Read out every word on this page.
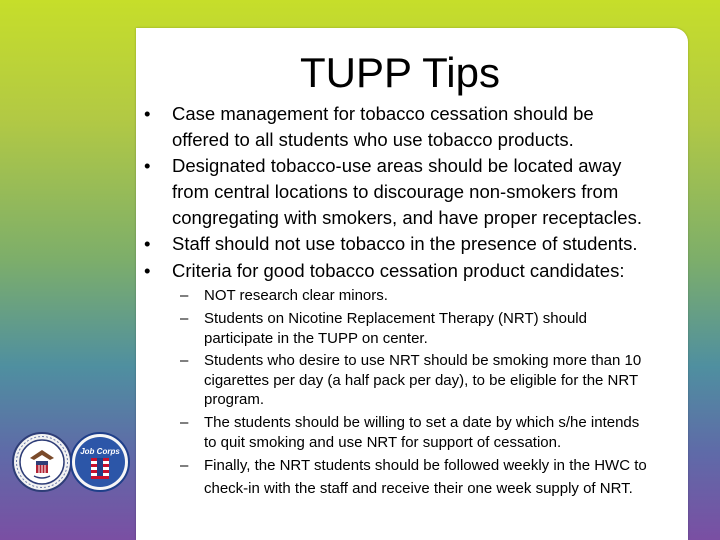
TUPP Tips
• Case management for tobacco cessation should be
offered to all students who use tobacco products.
• Designated tobacco-use areas should be located away
from central locations to discourage non-smokers from
congregating with smokers, and have proper receptacles.
• Staff should not use tobacco in the presence of students.
• Criteria for good tobacco cessation product candidates:
– NOT research clear minors.
– Students on Nicotine Replacement Therapy (NRT) should
participate in the TUPP on center.
– Students who desire to use NRT should be smoking more than 10
cigarettes per day (a half pack per day), to be eligible for the NRT
program.
– The students should be willing to set a date by which s/he intends
to quit smoking and use NRT for support of cessation.
– Finally, the NRT students should be followed weekly in the HWC to
check-in with the staff and receive their one week supply of NRT.
Job Corps
